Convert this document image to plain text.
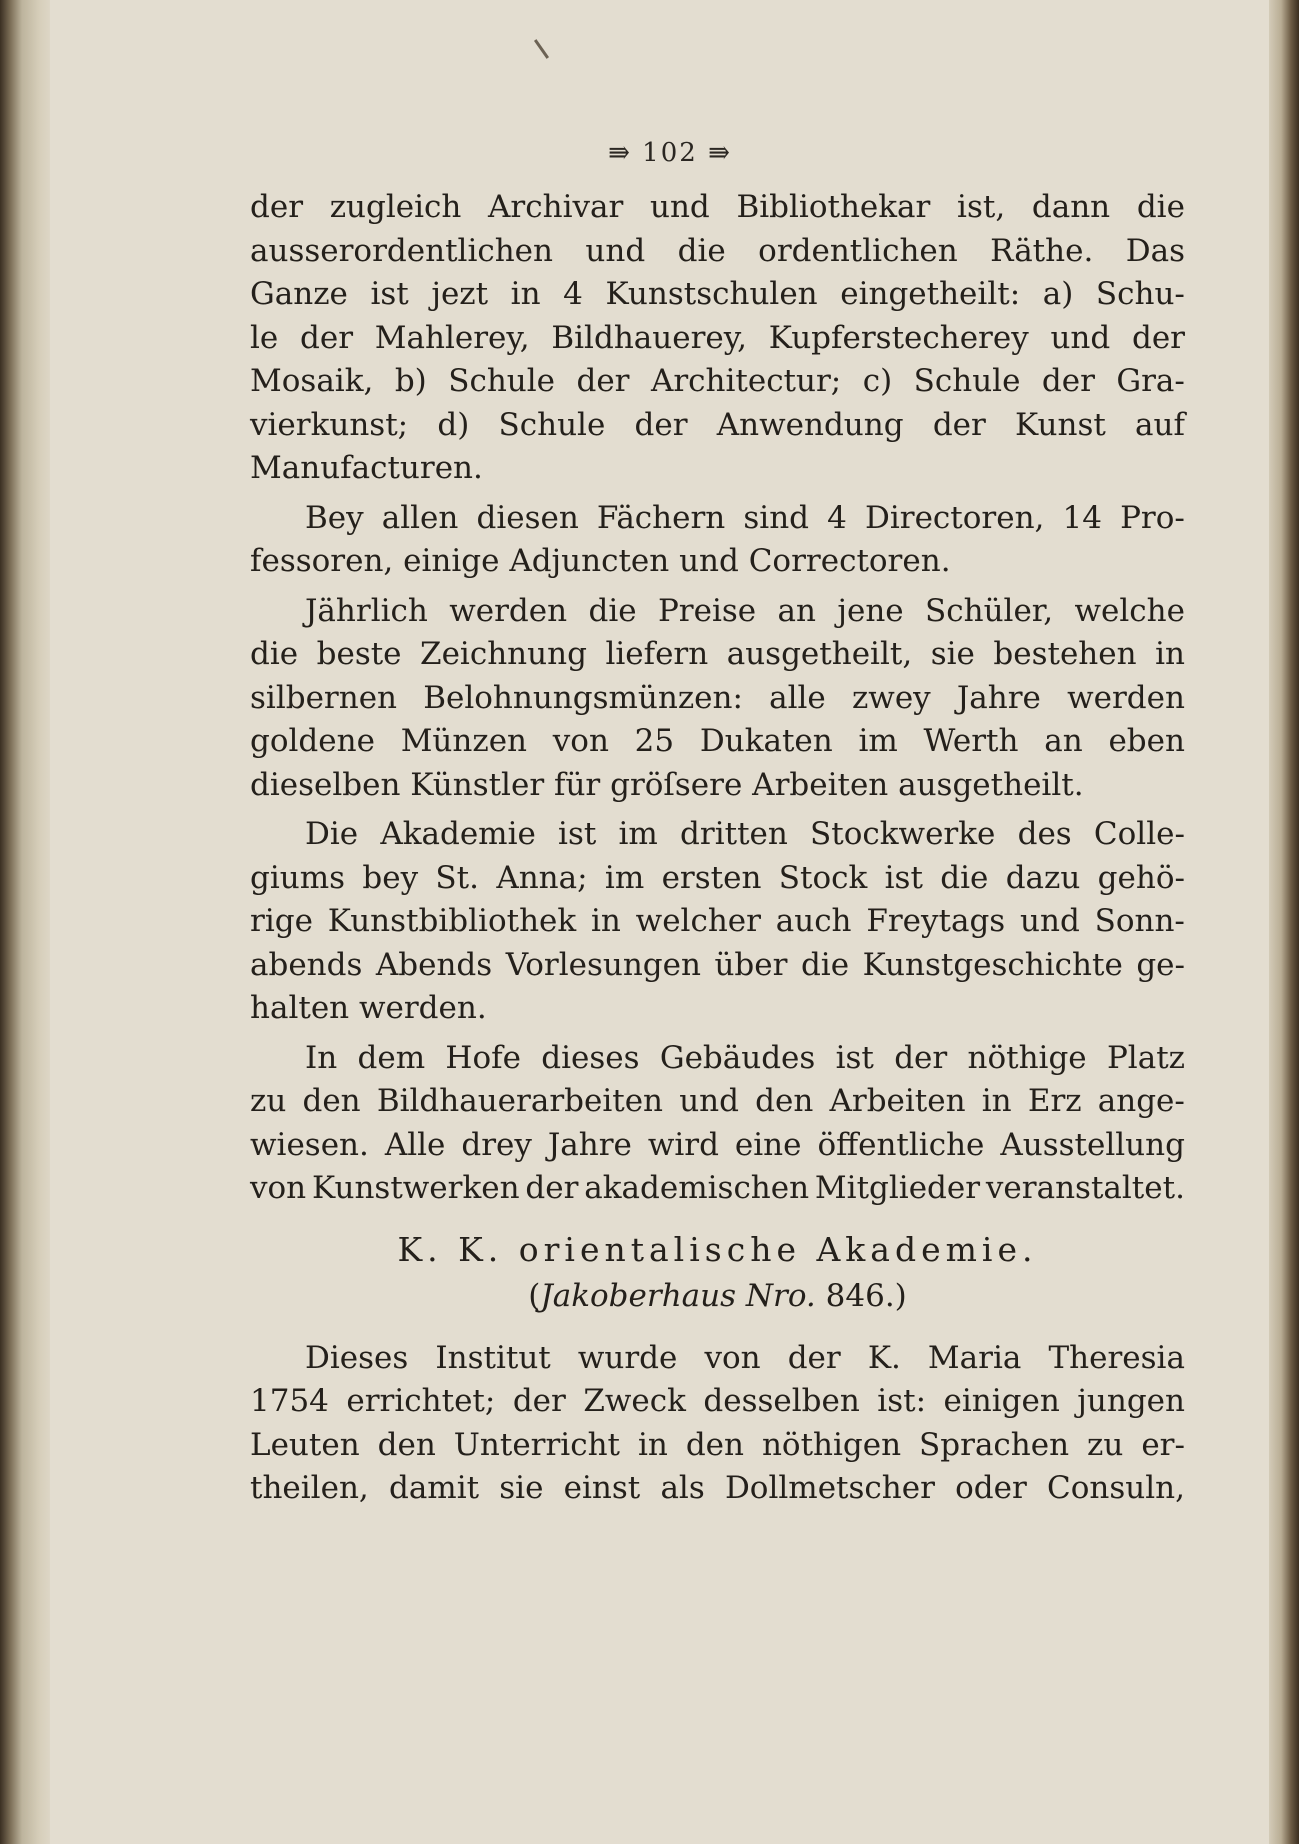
⇛ 102 ⇛
der zugleich Archivar und Bibliothekar ist, dann die
ausserordentlichen und die ordentlichen Räthe. Das
Ganze ist jezt in 4 Kunstschulen eingetheilt: a) Schu-
le der Mahlerey, Bildhauerey, Kupferstecherey und der
Mosaik, b) Schule der Architectur; c) Schule der Gra-
vierkunst; d) Schule der Anwendung der Kunst auf
Manufacturen.
Bey allen diesen Fächern sind 4 Directoren, 14 Pro-
fessoren, einige Adjuncten und Correctoren.
Jährlich werden die Preise an jene Schüler, welche
die beste Zeichnung liefern ausgetheilt, sie bestehen in
silbernen Belohnungsmünzen: alle zwey Jahre werden
goldene Münzen von 25 Dukaten im Werth an eben
dieselben Künstler für gröſsere Arbeiten ausgetheilt.
Die Akademie ist im dritten Stockwerke des Colle-
giums bey St. Anna; im ersten Stock ist die dazu gehö-
rige Kunstbibliothek in welcher auch Freytags und Sonn-
abends Abends Vorlesungen über die Kunstgeschichte ge-
halten werden.
In dem Hofe dieses Gebäudes ist der nöthige Platz
zu den Bildhauerarbeiten und den Arbeiten in Erz ange-
wiesen. Alle drey Jahre wird eine öffentliche Ausstellung
von Kunstwerken der akademischen Mitglieder veranstaltet.
K. K. orientalische Akademie.
(Jakoberhaus Nro. 846.)
Dieses Institut wurde von der K. Maria Theresia
1754 errichtet; der Zweck desselben ist: einigen jungen
Leuten den Unterricht in den nöthigen Sprachen zu er-
theilen, damit sie einst als Dollmetscher oder Consuln,
